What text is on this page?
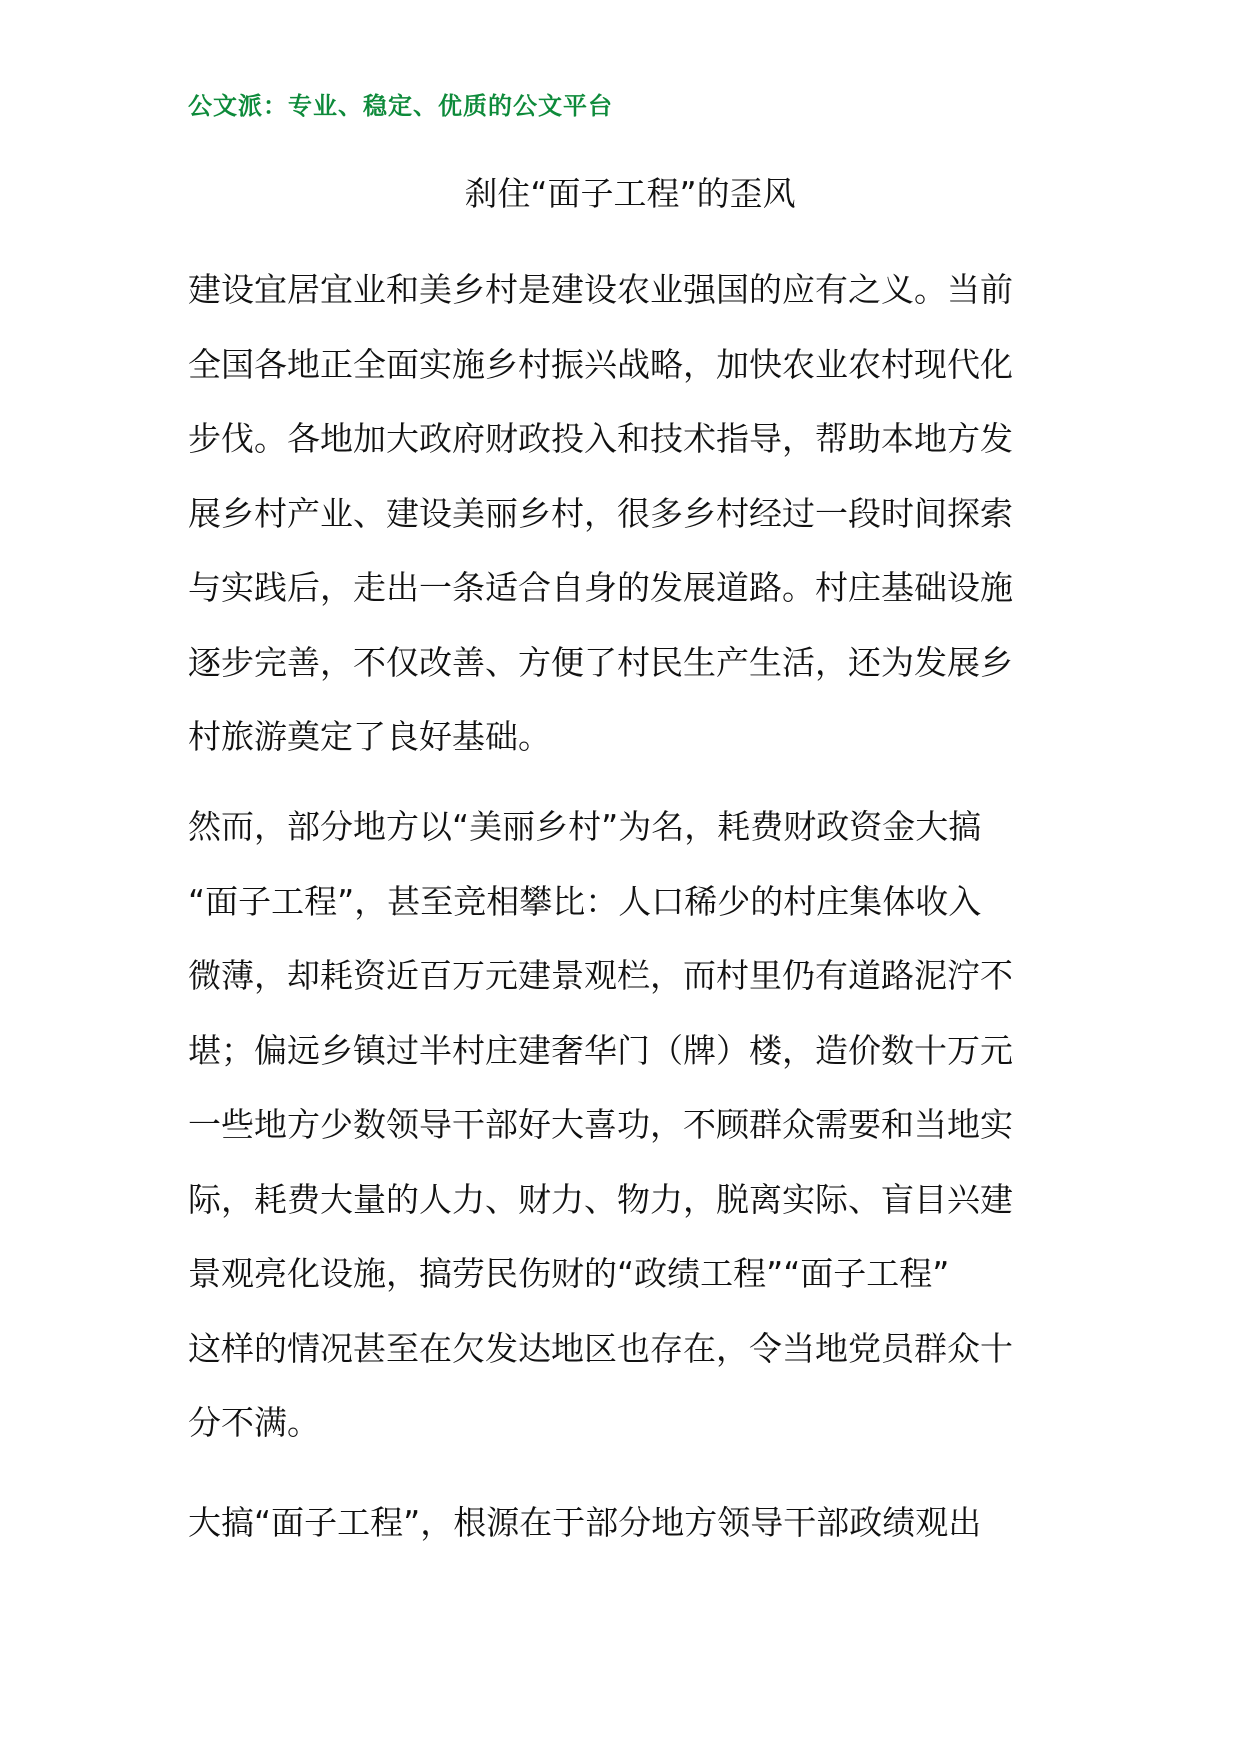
公文派：专业、稳定、优质的公文平台
刹住“面子工程”的歪风
建设宜居宜业和美乡村是建设农业强国的应有之义。当前
全国各地正全面实施乡村振兴战略，加快农业农村现代化
步伐。各地加大政府财政投入和技术指导，帮助本地方发
展乡村产业、建设美丽乡村，很多乡村经过一段时间探索
与实践后，走出一条适合自身的发展道路。村庄基础设施
逐步完善，不仅改善、方便了村民生产生活，还为发展乡
村旅游奠定了良好基础。
然而，部分地方以“美丽乡村”为名，耗费财政资金大搞
“面子工程”，甚至竞相攀比：人口稀少的村庄集体收入
微薄，却耗资近百万元建景观栏，而村里仍有道路泥泞不
堪；偏远乡镇过半村庄建奢华门（牌）楼，造价数十万元
一些地方少数领导干部好大喜功，不顾群众需要和当地实
际，耗费大量的人力、财力、物力，脱离实际、盲目兴建
景观亮化设施，搞劳民伤财的“政绩工程”“面子工程”
这样的情况甚至在欠发达地区也存在，令当地党员群众十
分不满。
大搞“面子工程”，根源在于部分地方领导干部政绩观出
